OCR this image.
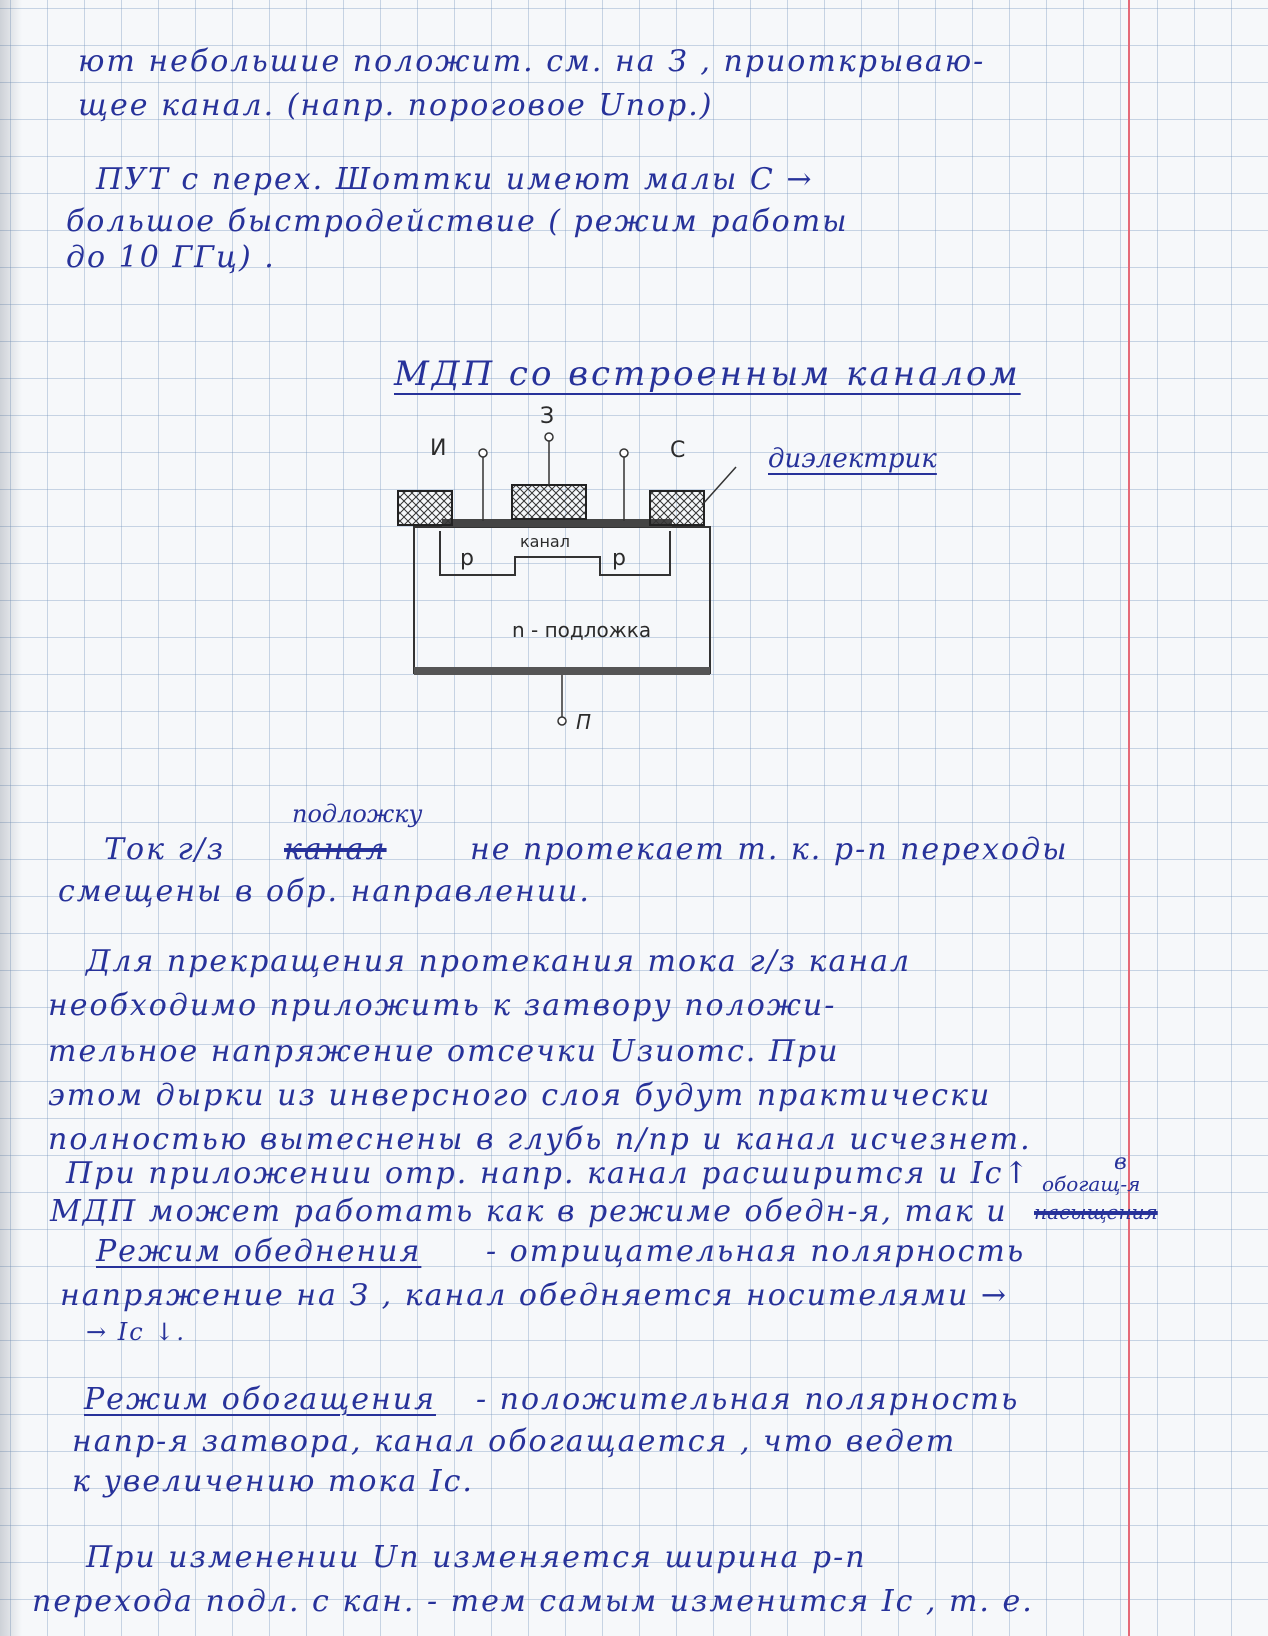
ют небольшие положит. см. на З , приоткрываю-
щее канал. (напр. пороговое Uпор.)
ПУТ с перех. Шоттки имеют малы С →
большое быстродействие ( режим работы
до 10 ГГц) .
МДП со встроенным каналом
И
З
С
р
канал
р
n - подложка
П
диэлектрик
подложку
Ток г/з канал	не протекает т. к. р-n переходы
смещены в обр. направлении.
Для прекращения протекания тока г/з канал
необходимо приложить к затвору положи-
тельное напряжение отсечки Uзиотс. При
этом дырки из инверсного слоя будут практически
полностью вытеснены в глубь п/пр и канал исчезнет.
При приложении отр. напр. канал расширится и Iс↑
МДП может работать как в режиме обедн-я, так и
обогащ-я
насыщения
в
Режим обеднения - отрицательная полярность
напряжение на З , канал обедняется носителями →
→ Iс ↓.
Режим обогащения - положительная полярность
напр-я затвора, канал обогащается , что ведет
к увеличению тока Iс.
При изменении Uп изменяется ширина р-n
перехода подл. с кан. - тем самым изменится Iс , т. е.
